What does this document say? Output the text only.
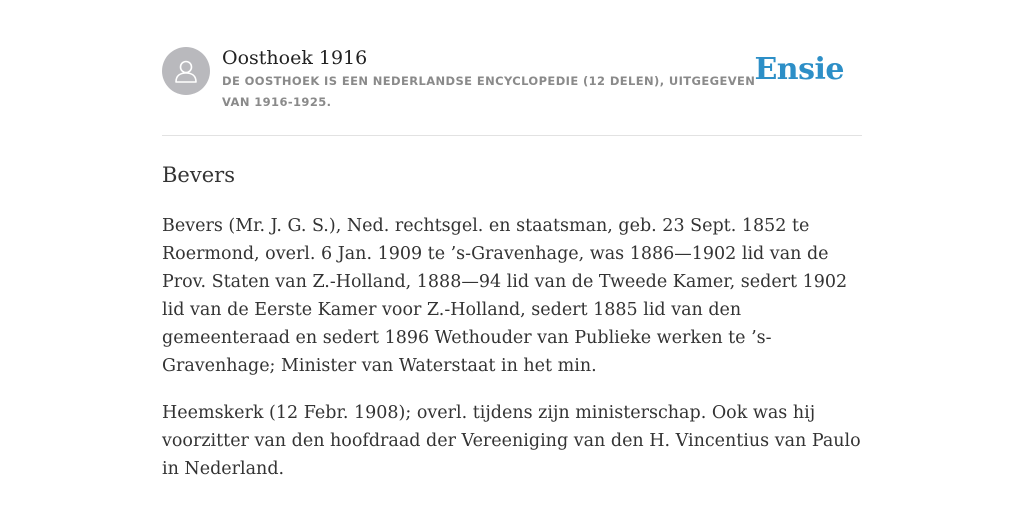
Oosthoek 1916
DE OOSTHOEK IS EEN NEDERLANDSE ENCYCLOPEDIE (12 DELEN), UITGEGEVEN VAN 1916-1925.
Ensie
Bevers

Bevers (Mr. J. G. S.), Ned. rechtsgel. en staatsman, geb. 23 Sept. 1852 te Roermond, overl. 6 Jan. 1909 te ’s-Gravenhage, was 1886—1902 lid van de Prov. Staten van Z.-Holland, 1888—94 lid van de Tweede Kamer, sedert 1902 lid van de Eerste Kamer voor Z.-Holland, sedert 1885 lid van den gemeenteraad en sedert 1896 Wethouder van Publieke werken te ’s-Gravenhage; Minister van Waterstaat in het min.

Heemskerk (12 Febr. 1908); overl. tijdens zijn ministerschap. Ook was hij voorzitter van den hoofdraad der Vereeniging van den H. Vincentius van Paulo in Nederland.
